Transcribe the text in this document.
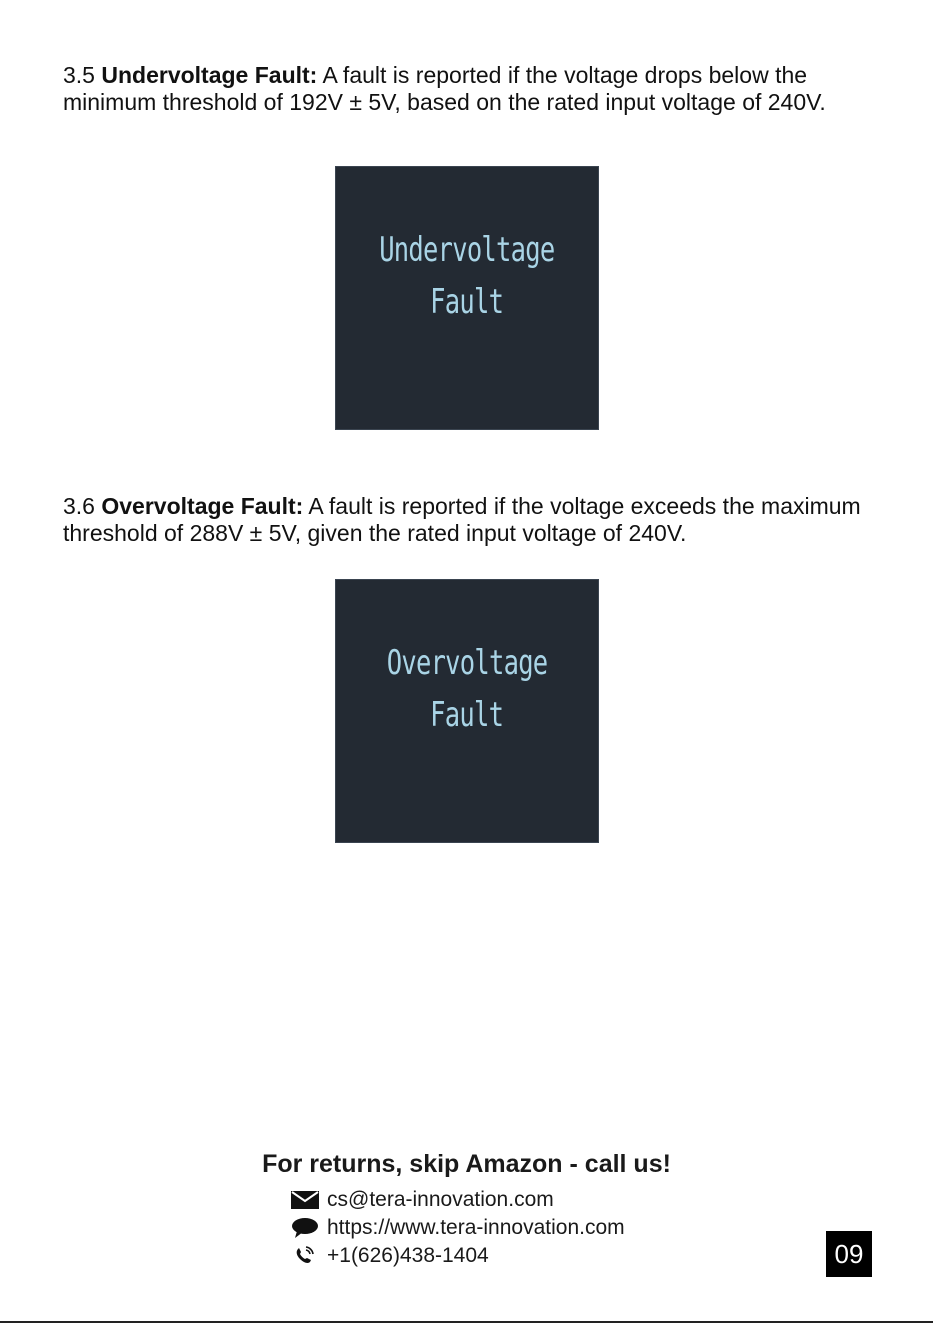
3.5 Undervoltage Fault: A fault is reported if the voltage drops below the minimum threshold of 192V ± 5V, based on the rated input voltage of 240V.

Undervoltage
Fault

3.6 Overvoltage Fault: A fault is reported if the voltage exceeds the maximum threshold of 288V ± 5V, given the rated input voltage of 240V.

Overvoltage
Fault
For returns, skip Amazon - call us!
cs@tera-innovation.com
https://www.tera-innovation.com
+1(626)438-1404	09
